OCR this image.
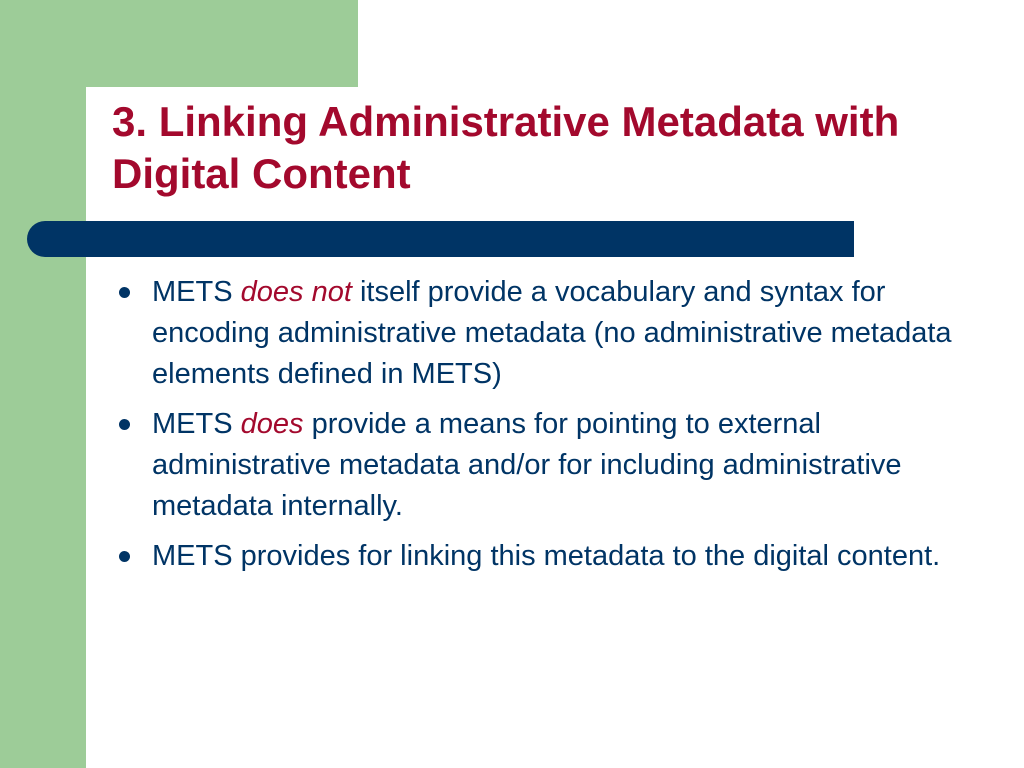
3. Linking Administrative Metadata with Digital Content
METS does not itself provide a vocabulary and syntax for encoding administrative metadata (no administrative metadata elements defined in METS)
METS does provide a means for pointing to external administrative metadata and/or for including administrative metadata internally.
METS provides for linking this metadata to the digital content.
